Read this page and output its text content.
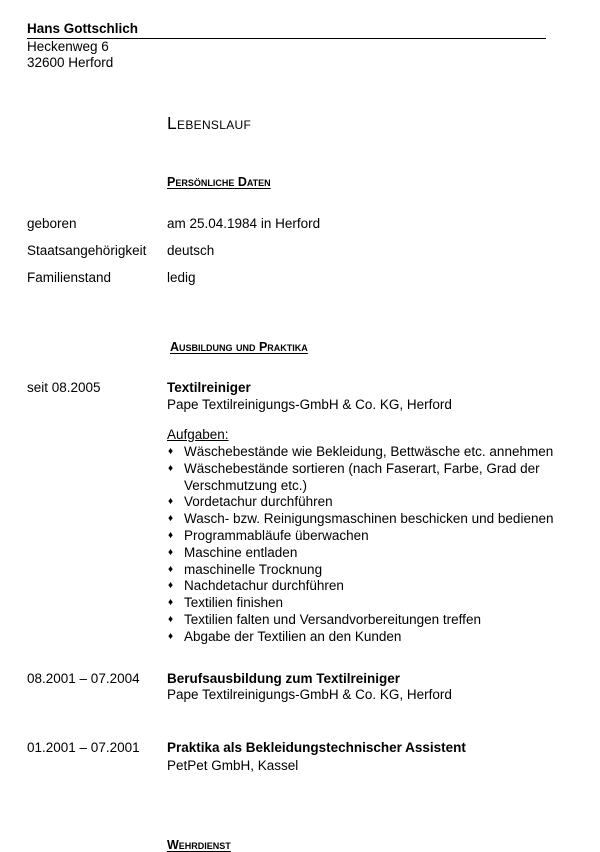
Hans Gottschlich
Heckenweg 6
32600 Herford
Lebenslauf
Persönliche Daten
geboren	am 25.04.1984 in Herford
Staatsangehörigkeit deutsch
Familienstand	ledig
Ausbildung und Praktika
seit 08.2005	Textilreiniger
Pape Textilreinigungs-GmbH & Co. KG, Herford
Aufgaben:
♦ Wäschebestände wie Bekleidung, Bettwäsche etc. annehmen
♦ Wäschebestände sortieren (nach Faserart, Farbe, Grad der
Verschmutzung etc.)
♦ Vordetachur durchführen
♦ Wasch- bzw. Reinigungsmaschinen beschicken und bedienen
♦ Programmabläufe überwachen
♦ Maschine entladen
♦ maschinelle Trocknung
♦ Nachdetachur durchführen
♦ Textilien finishen
♦ Textilien falten und Versandvorbereitungen treffen
♦ Abgabe der Textilien an den Kunden
08.2001 – 07.2004 Berufsausbildung zum Textilreiniger
Pape Textilreinigungs-GmbH & Co. KG, Herford
01.2001 – 07.2001 Praktika als Bekleidungstechnischer Assistent
PetPet GmbH, Kassel
Wehrdienst
